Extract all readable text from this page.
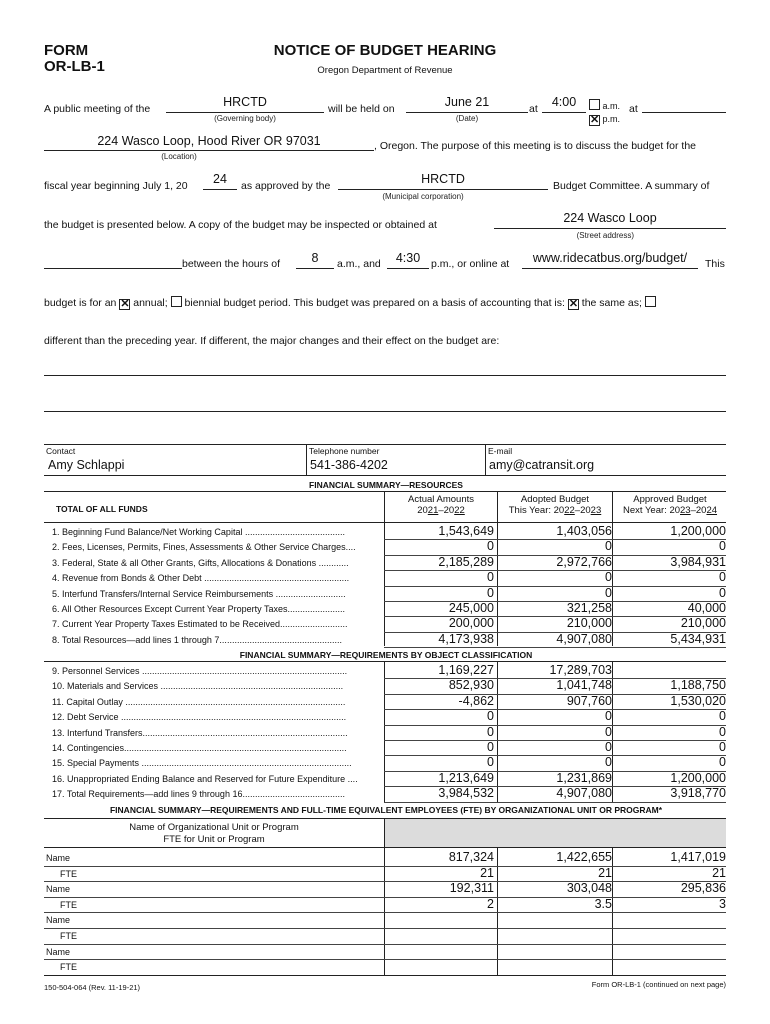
FORM
OR-LB-1
NOTICE OF BUDGET HEARING
Oregon Department of Revenue
A public meeting of the	HRCTD
(Governing body)
will be held on	June 21
(Date)
at	4:00	a.m.
✕ p.m.
at
224 Wasco Loop, Hood River OR 97031
(Location)
, Oregon. The purpose of this meeting is to discuss the budget for the
fiscal year beginning July 1, 20	24	as approved by the	HRCTD
(Municipal corporation)
Budget Committee. A summary of
the budget is presented below. A copy of the budget may be inspected or obtained at	224 Wasco Loop
(Street address)
between the hours of	8	a.m., and	4:30	p.m., or online at	www.ridecatbus.org/budget/	This
budget is for an ✕ annual; biennial budget period. This budget was prepared on a basis of accounting that is: ✕ the same as;
different than the preceding year. If different, the major changes and their effect on the budget are:
Contact
Amy Schlappi
Telephone number
541-386-4202
E-mail
amy@catransit.org
FINANCIAL SUMMARY—RESOURCES
TOTAL OF ALL FUNDS
Actual Amounts
2021–2022
Adopted Budget
This Year: 2022–2023
Approved Budget
Next Year: 2023–2024
1. Beginning Fund Balance/Net Working Capital ........................................	1,543,649	1,403,056	1,200,000
2. Fees, Licenses, Permits, Fines, Assessments & Other Service Charges....	0	0	0
3. Federal, State & all Other Grants, Gifts, Allocations & Donations ............	2,185,289	2,972,766	3,984,931
4. Revenue from Bonds & Other Debt ..........................................................	0	0	0
5. Interfund Transfers/Internal Service Reimbursements ............................	0	0	0
6. All Other Resources Except Current Year Property Taxes.......................	245,000	321,258	40,000
7. Current Year Property Taxes Estimated to be Received...........................	200,000	210,000	210,000
8. Total Resources—add lines 1 through 7.................................................	4,173,938	4,907,080	5,434,931
FINANCIAL SUMMARY—REQUIREMENTS BY OBJECT CLASSIFICATION
9. Personnel Services ..................................................................................	1,169,227	17,289,703
10. Materials and Services .........................................................................	852,930	1,041,748	1,188,750
11. Capital Outlay ........................................................................................	-4,862	907,760	1,530,020
12. Debt Service ..........................................................................................	0	0	0
13. Interfund Transfers..................................................................................	0	0	0
14. Contingencies.........................................................................................	0	0	0
15. Special Payments ....................................................................................	0	0	0
16. Unappropriated Ending Balance and Reserved for Future Expenditure ....	1,213,649	1,231,869	1,200,000
17. Total Requirements—add lines 9 through 16.........................................	3,984,532	4,907,080	3,918,770
FINANCIAL SUMMARY—REQUIREMENTS AND FULL-TIME EQUIVALENT EMPLOYEES (FTE) BY ORGANIZATIONAL UNIT OR PROGRAM*
Name of Organizational Unit or Program
FTE for Unit or Program
Name	817,324	1,422,655	1,417,019
FTE	21	21	21
Name	192,311	303,048	295,836
FTE	2	3.5	3
Name
FTE
Name
FTE
150-504-064 (Rev. 11-19-21)	Form OR-LB-1 (continued on next page)
